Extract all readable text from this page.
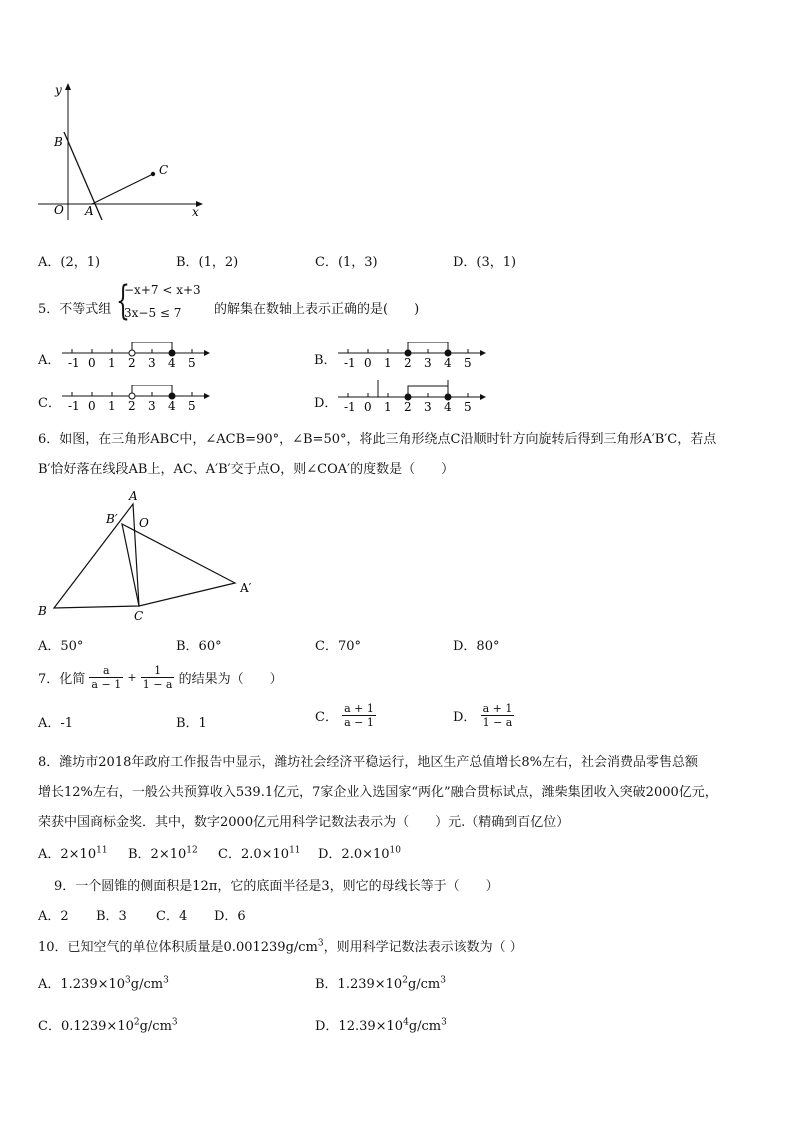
y
B
C
O A	x
A．(2，1)	B．(1，2)	C．(1，3)	D．(3，1)
5．不等式组 {
−x+7 < x+3
3x−5 ≤ 7	的解集在数轴上表示正确的是(　　)
A． -1 0 1 2 3 4 5	B． -1 0 1 2 3 4 5
C． -1 0 1 2 3 4 5	D． -1 0 1 2 3 4 5
6．如图，在三角形ABC中，∠ACB=90°，∠B=50°，将此三角形绕点C沿顺时针方向旋转后得到三角形A′B′C，若点
B′恰好落在线段AB上，AC、A′B′交于点O，则∠COA′的度数是（　　）
A
B′ O
A′
B	C
A．50°	B．60°	C．70°	D．80°
7．化简 $\frac{a}{a - 1} + \frac{1}{1 - a}$ 的结果为（　　）
A．-1	B．1	C． $\frac{a + 1}{a - 1}$	D． $\frac{a + 1}{1 - a}$
8．潍坊市2018年政府工作报告中显示，潍坊社会经济平稳运行，地区生产总值增长8%左右，社会消费品零售总额
增长12%左右，一般公共预算收入539.1亿元，7家企业入选国家“两化”融合贯标试点，潍柴集团收入突破2000亿元，
荣获中国商标金奖．其中，数字2000亿元用科学记数法表示为（　　）元.（精确到百亿位）
A．$2\times 10^{11}$ B．$2\times 10^{12}$ C．$2.0\times 10^{11}$ D．$2.0\times 10^{10}$
9．一个圆锥的侧面积是12π，它的底面半径是3，则它的母线长等于（　　）
A．2 B．3 C．4 D．6
10．已知空气的单位体积质量是$0.001239g/cm^3$，则用科学记数法表示该数为（ ）
A．$1.239\times 10^3g/cm^3$	B．$1.239\times 10^2g/cm^3$
C．$0.1239\times 10^2g/cm^3$	D．$12.39\times 10^4g/cm^3$
